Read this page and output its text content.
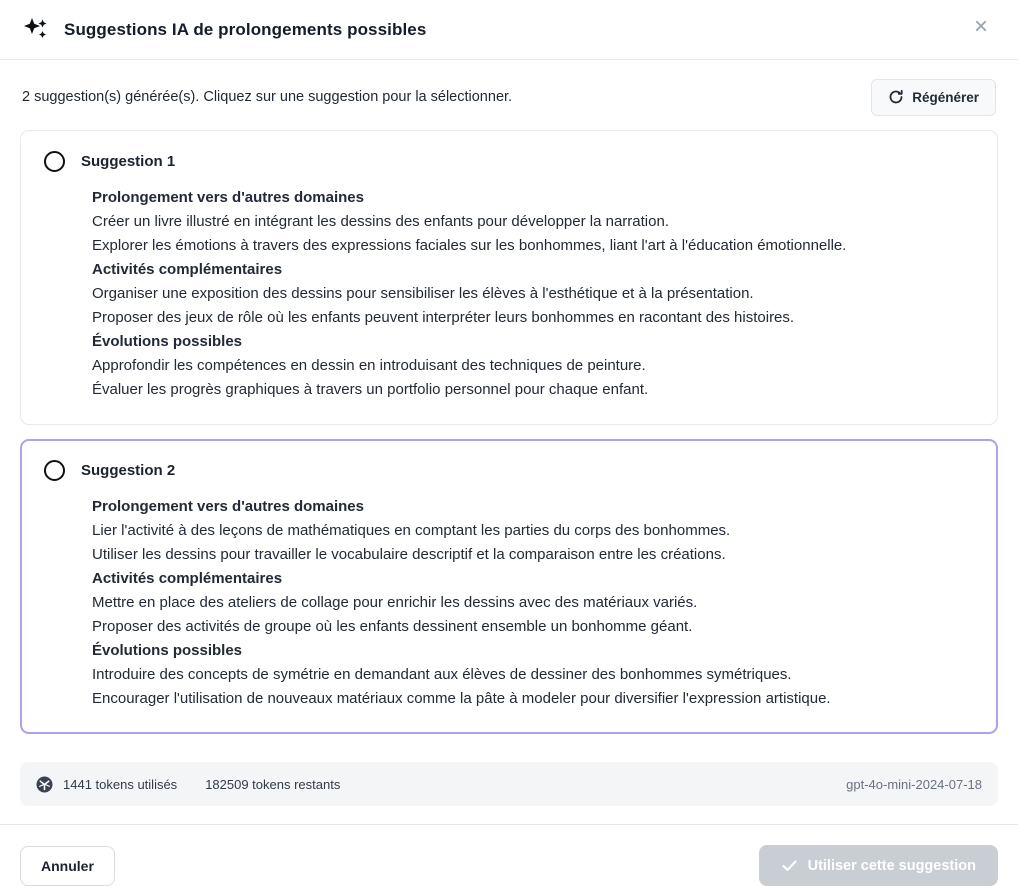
Suggestions IA de prolongements possibles	×
2 suggestion(s) générée(s). Cliquez sur une suggestion pour la sélectionner.	Régénérer
Suggestion 1
Prolongement vers d'autres domaines
Créer un livre illustré en intégrant les dessins des enfants pour développer la narration.
Explorer les émotions à travers des expressions faciales sur les bonhommes, liant l'art à l'éducation émotionnelle.
Activités complémentaires
Organiser une exposition des dessins pour sensibiliser les élèves à l'esthétique et à la présentation.
Proposer des jeux de rôle où les enfants peuvent interpréter leurs bonhommes en racontant des histoires.
Évolutions possibles
Approfondir les compétences en dessin en introduisant des techniques de peinture.
Évaluer les progrès graphiques à travers un portfolio personnel pour chaque enfant.
Suggestion 2
Prolongement vers d'autres domaines
Lier l'activité à des leçons de mathématiques en comptant les parties du corps des bonhommes.
Utiliser les dessins pour travailler le vocabulaire descriptif et la comparaison entre les créations.
Activités complémentaires
Mettre en place des ateliers de collage pour enrichir les dessins avec des matériaux variés.
Proposer des activités de groupe où les enfants dessinent ensemble un bonhomme géant.
Évolutions possibles
Introduire des concepts de symétrie en demandant aux élèves de dessiner des bonhommes symétriques.
Encourager l'utilisation de nouveaux matériaux comme la pâte à modeler pour diversifier l'expression artistique.
1441 tokens utilisés 182509 tokens restants	gpt-4o-mini-2024-07-18
Annuler	Utiliser cette suggestion
